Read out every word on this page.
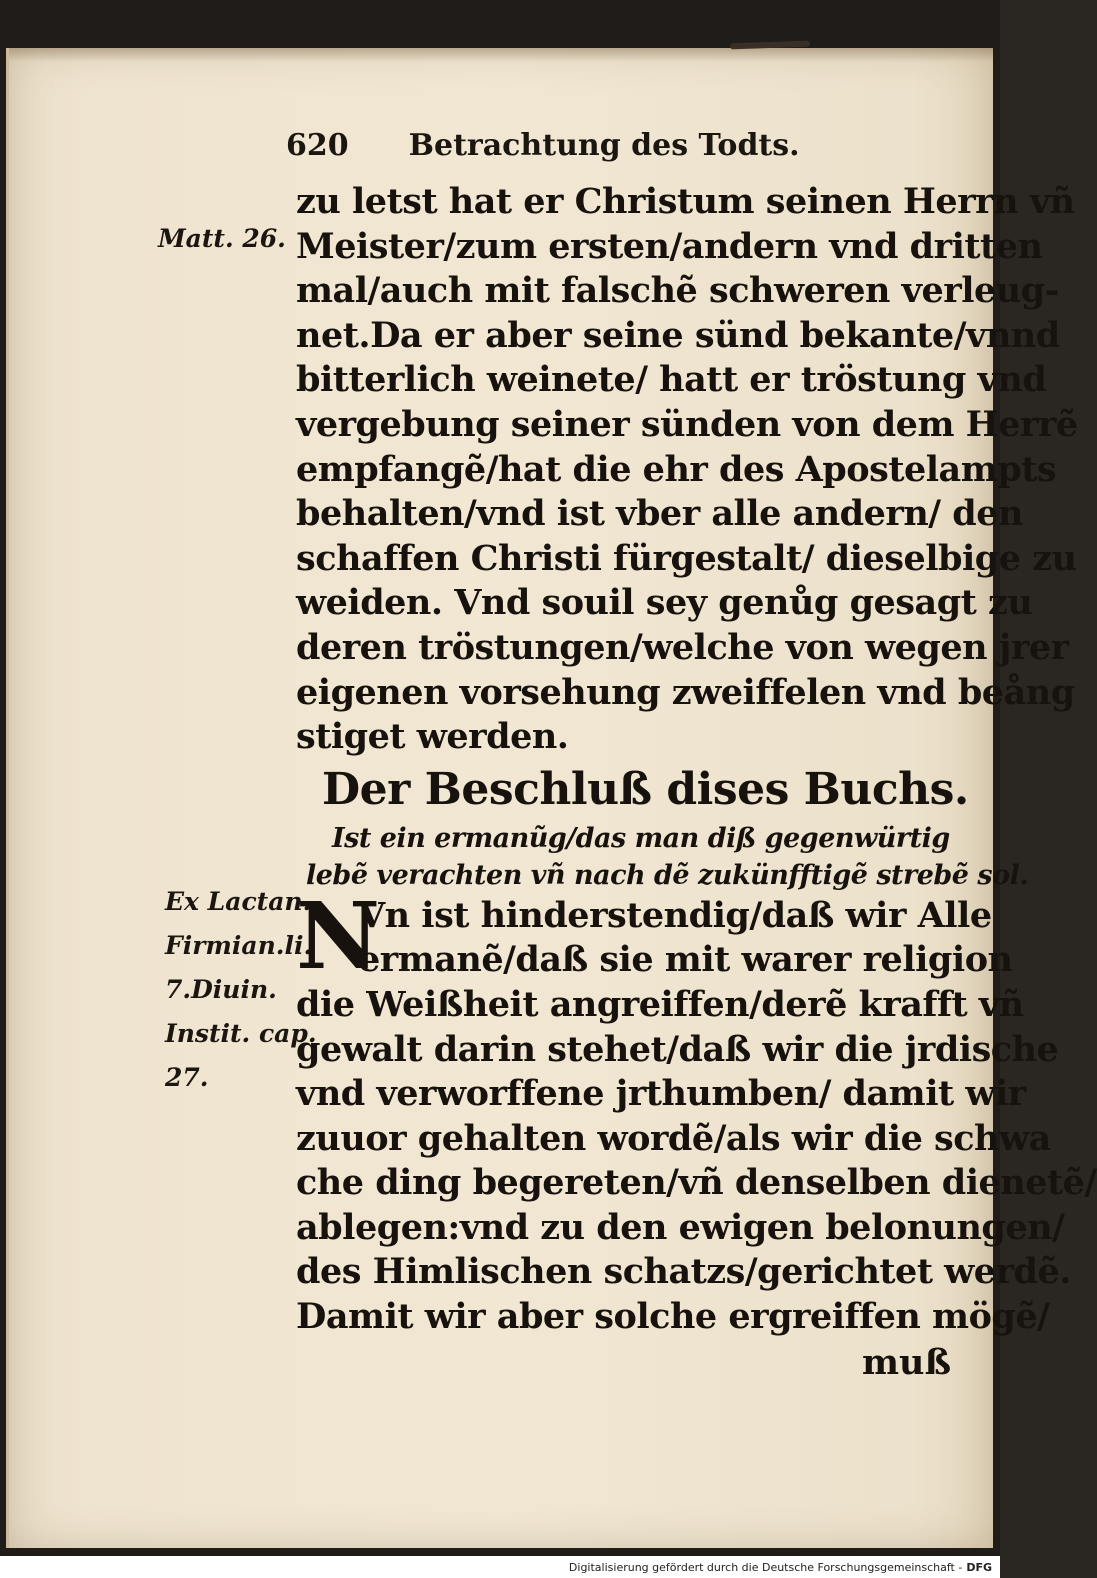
620 Betrachtung des Todts.
Matt. 26.
Ex Lactan.
Firmian.li.
7.Diuin.
Instit. cap.
27.
zu letst hat er Christum seinen Herrn vñ
Meister/zum ersten/andern vnd dritten
mal/auch mit falschẽ schweren verleug-
net.Da er aber seine sünd bekante/vnnd
bitterlich weinete/ hatt er tröstung vnd
vergebung seiner sünden von dem Herrẽ
empfangẽ/hat die ehr des Apostelampts
behalten/vnd ist vber alle andern/ den
schaffen Christi fürgestalt/ dieselbige zu
weiden. Vnd souil sey genůg gesagt zu
deren tröstungen/welche von wegen jrer
eigenen vorsehung zweiffelen vnd beång
stiget werden.
Der Beschluß dises Buchs.
Ist ein ermanũg/das man diß gegenwürtig
lebẽ verachten vñ nach dẽ zukünfftigẽ strebẽ sol.
N
Vn ist hinderstendig/daß wir Alle
ermanẽ/daß sie mit warer religion
die Weißheit angreiffen/derẽ krafft vñ
gewalt darin stehet/daß wir die jrdische
vnd verworffene jrthumben/ damit wir
zuuor gehalten wordẽ/als wir die schwa
che ding begereten/vñ denselben dienetẽ/
ablegen:vnd zu den ewigen belonungen/
des Himlischen schatzs/gerichtet werdẽ.
Damit wir aber solche ergreiffen mögẽ/
muß
Digitalisierung gefördert durch die Deutsche Forschungsgemeinschaft - DFG
